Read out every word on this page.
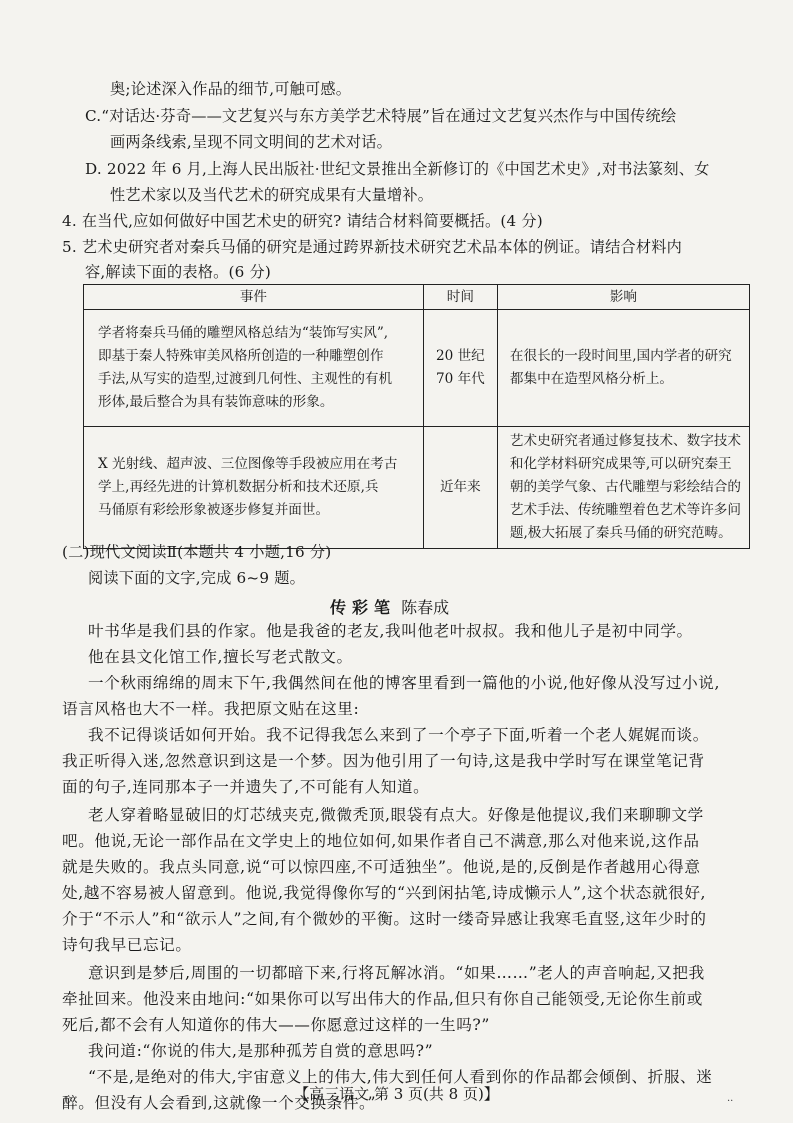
奥;论述深入作品的细节,可触可感。
C.“对话达·芬奇——文艺复兴与东方美学艺术特展”旨在通过文艺复兴杰作与中国传统绘
画两条线索,呈现不同文明间的艺术对话。
D. 2022 年 6 月,上海人民出版社·世纪文景推出全新修订的《中国艺术史》,对书法篆刻、女
性艺术家以及当代艺术的研究成果有大量增补。
4. 在当代,应如何做好中国艺术史的研究? 请结合材料简要概括。(4 分)
5. 艺术史研究者对秦兵马俑的研究是通过跨界新技术研究艺术品本体的例证。请结合材料内
容,解读下面的表格。(6 分)
事件	时间	影响

学者将秦兵马俑的雕塑风格总结为“装饰写实风”,
即基于秦人特殊审美风格所创造的一种雕塑创作
手法,从写实的造型,过渡到几何性、主观性的有机
形体,最后整合为具有装饰意味的形象。	20 世纪
70 年代	在很长的一段时间里,国内学者的研究
都集中在造型风格分析上。

X 光射线、超声波、三位图像等手段被应用在考古
学上,再经先进的计算机数据分析和技术还原,兵
马俑原有彩绘形象被逐步修复并面世。	近年来	艺术史研究者通过修复技术、数字技术
和化学材料研究成果等,可以研究秦王
朝的美学气象、古代雕塑与彩绘结合的
艺术手法、传统雕塑着色艺术等许多问
题,极大拓展了秦兵马俑的研究范畴。
(二)现代文阅读Ⅱ(本题共 4 小题,16 分)
阅读下面的文字,完成 6~9 题。
传彩笔 陈春成
叶书华是我们县的作家。他是我爸的老友,我叫他老叶叔叔。我和他儿子是初中同学。
他在县文化馆工作,擅长写老式散文。
一个秋雨绵绵的周末下午,我偶然间在他的博客里看到一篇他的小说,他好像从没写过小说,
语言风格也大不一样。我把原文贴在这里:
我不记得谈话如何开始。我不记得我怎么来到了一个亭子下面,听着一个老人娓娓而谈。
我正听得入迷,忽然意识到这是一个梦。因为他引用了一句诗,这是我中学时写在课堂笔记背
面的句子,连同那本子一并遗失了,不可能有人知道。
老人穿着略显破旧的灯芯绒夹克,微微秃顶,眼袋有点大。好像是他提议,我们来聊聊文学
吧。他说,无论一部作品在文学史上的地位如何,如果作者自己不满意,那么对他来说,这作品
就是失败的。我点头同意,说“可以惊四座,不可适独坐”。他说,是的,反倒是作者越用心得意
处,越不容易被人留意到。他说,我觉得像你写的“兴到闲拈笔,诗成懒示人”,这个状态就很好,
介于“不示人”和“欲示人”之间,有个微妙的平衡。这时一缕奇异感让我寒毛直竖,这年少时的
诗句我早已忘记。
意识到是梦后,周围的一切都暗下来,行将瓦解冰消。“如果……”老人的声音响起,又把我
牵扯回来。他没来由地问:“如果你可以写出伟大的作品,但只有你自己能领受,无论你生前或
死后,都不会有人知道你的伟大——你愿意过这样的一生吗?”
我问道:“你说的伟大,是那种孤芳自赏的意思吗?”
“不是,是绝对的伟大,宇宙意义上的伟大,伟大到任何人看到你的作品都会倾倒、折服、迷
醉。但没有人会看到,这就像一个交换条件。”
【高三语文 第 3 页(共 8 页)】	··
